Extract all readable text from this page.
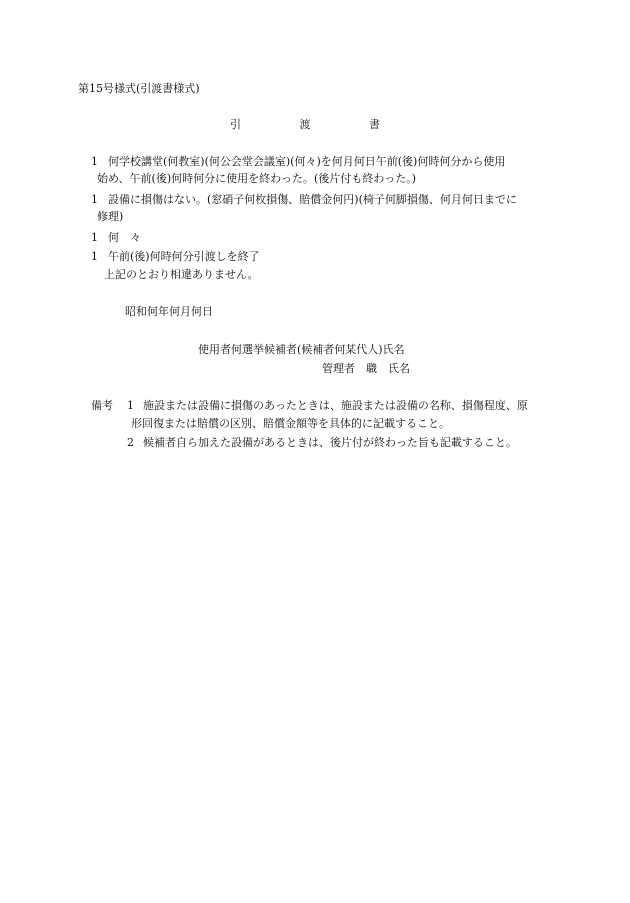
第15号様式(引渡書様式)
引	渡	書
1 何学校講堂(何教室)(何公会堂会議室)(何々)を何月何日午前(後)何時何分から使用
始め、午前(後)何時何分に使用を終わった。(後片付も終わった。)
1 設備に損傷はない。(窓硝子何枚損傷、賠償金何円)(椅子何脚損傷、何月何日までに
修理)
1 何　々
1 午前(後)何時何分引渡しを終了
上記のとおり相違ありません。
昭和何年何月何日
使用者何選挙候補者(候補者何某代人)氏名
管理者　 職　 氏名
備考 1 施設または設備に損傷のあったときは、施設または設備の名称、損傷程度、原
形回復または賠償の区別、賠償金額等を具体的に記載すること。
2 候補者自ら加えた設備があるときは、後片付が終わった旨も記載すること。
